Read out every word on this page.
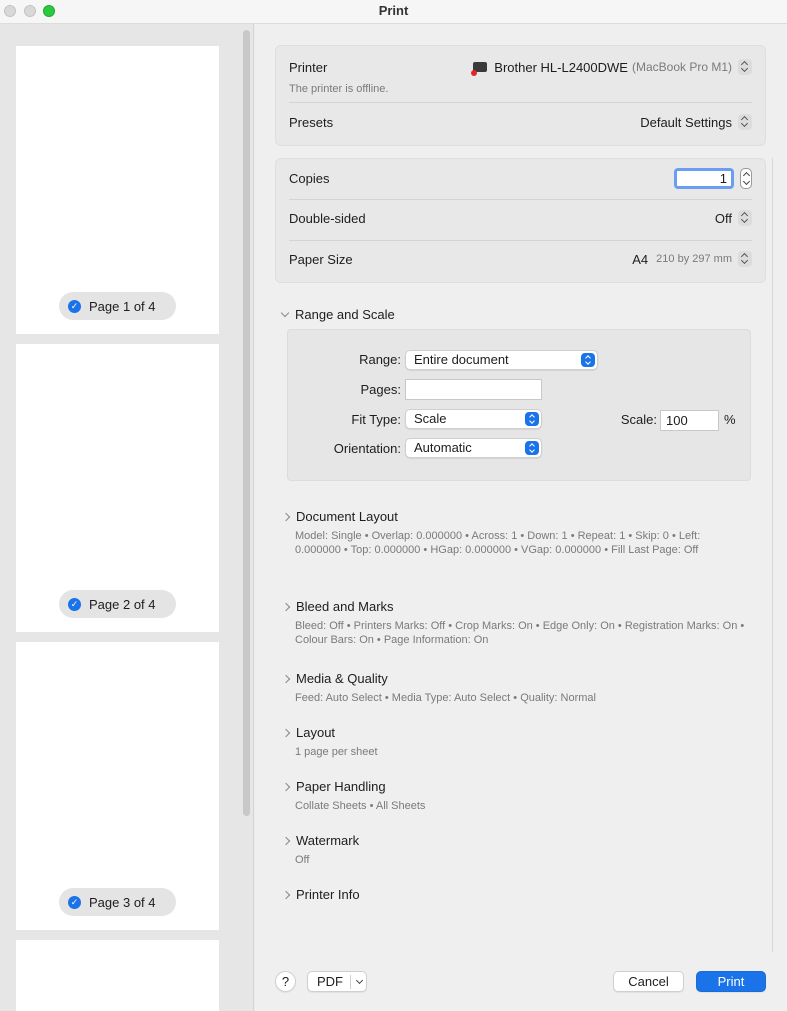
Print
✓ Page 1 of 4
✓ Page 2 of 4
✓ Page 3 of 4
Printer	Brother HL-L2400DWE (MacBook Pro M1)
The printer is offline.
Presets	Default Settings
Copies	1
Double-sided	Off
Paper Size	A4 210 by 297 mm
Range and Scale
Range:	Entire document
Pages:
Fit Type:	Scale	Scale: 100	%
Orientation:	Automatic
Document Layout
Model: Single • Overlap: 0.000000 • Across: 1 • Down: 1 • Repeat: 1 • Skip: 0 • Left: 0.000000 • Top: 0.000000 • HGap: 0.000000 • VGap: 0.000000 • Fill Last Page: Off
Bleed and Marks
Bleed: Off • Printers Marks: Off • Crop Marks: On • Edge Only: On • Registration Marks: On • Colour Bars: On • Page Information: On
Media & Quality
Feed: Auto Select • Media Type: Auto Select • Quality: Normal
Layout
1 page per sheet
Paper Handling
Collate Sheets • All Sheets
Watermark
Off
Printer Info
?	PDF	Cancel	Print
